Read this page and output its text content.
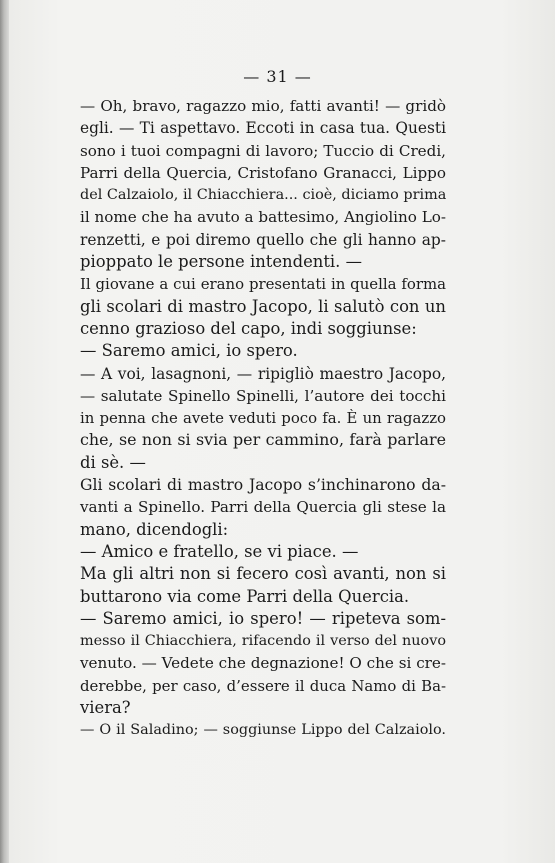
— 31 —
— Oh, bravo, ragazzo mio, fatti avanti! — gridò
egli. — Ti aspettavo. Eccoti in casa tua. Questi
sono i tuoi compagni di lavoro; Tuccio di Credi,
Parri della Quercia, Cristofano Granacci, Lippo
del Calzaiolo, il Chiacchiera... cioè, diciamo prima
il nome che ha avuto a battesimo, Angiolino Lo-
renzetti, e poi diremo quello che gli hanno ap-
pioppato le persone intendenti. —
Il giovane a cui erano presentati in quella forma
gli scolari di mastro Jacopo, li salutò con un
cenno grazioso del capo, indi soggiunse:
— Saremo amici, io spero.
— A voi, lasagnoni, — ripigliò maestro Jacopo,
— salutate Spinello Spinelli, l’autore dei tocchi
in penna che avete veduti poco fa. È un ragazzo
che, se non si svia per cammino, farà parlare
di sè. —
Gli scolari di mastro Jacopo s’inchinarono da-
vanti a Spinello. Parri della Quercia gli stese la
mano, dicendogli:
— Amico e fratello, se vi piace. —
Ma gli altri non si fecero così avanti, non si
buttarono via come Parri della Quercia.
— Saremo amici, io spero! — ripeteva som-
messo il Chiacchiera, rifacendo il verso del nuovo
venuto. — Vedete che degnazione! O che si cre-
derebbe, per caso, d’essere il duca Namo di Ba-
viera?
— O il Saladino; — soggiunse Lippo del Calzaiolo.
